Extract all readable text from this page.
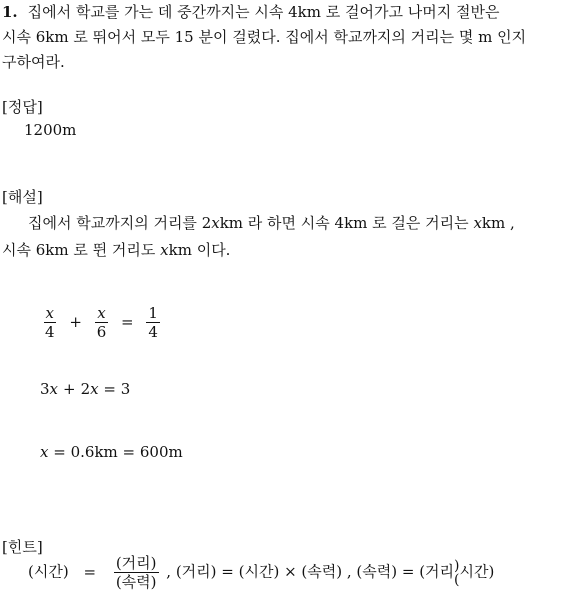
1. 집에서 학교를 가는 데 중간까지는 시속 4km 로 걸어가고 나머지 절반은
시속 6km 로 뛰어서 모두 15 분이 걸렸다. 집에서 학교까지의 거리는 몇 m 인지
구하여라.
[정답]
1200m
[해설]
집에서 학교까지의 거리를 2xkm 라 하면 시속 4km 로 걸은 거리는 xkm ,
시속 6km 로 뛴 거리도 xkm 이다.
$\frac{x}{4} + \frac{x}{6} = \frac{1}{4}$
3x + 2x = 3
x = 0.6km = 600m
[힌트]
(시간) = $\frac{\text{(거리)}}{\text{(속력)}}$ , (거리) = (시간) × (속력) , (속력) = (거리)
(시간)
